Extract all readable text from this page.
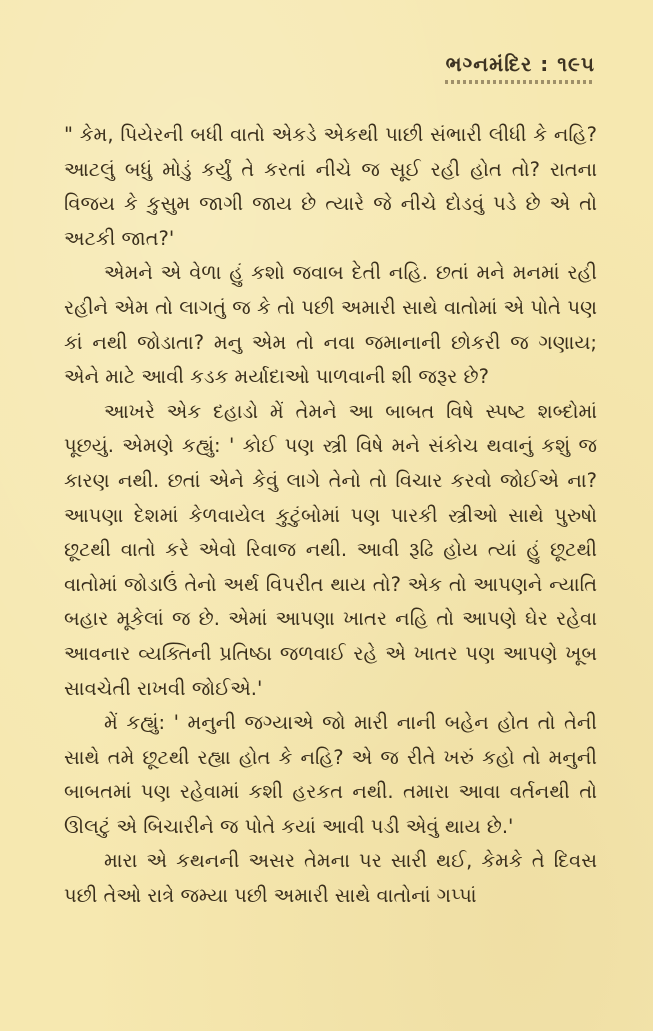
ભગ્નમંદિર : ૧૯૫

" કેમ, પિયેરની બધી વાતો એકડે એકથી પાછી સંભારી લીધી કે નહિ? આટલું બધું મોડું કર્યું તે કરતાં નીચે જ સૂઈ રહી હોત તો? રાતના વિજય કે કુસુમ જાગી જાય છે ત્યારે જે નીચે દોડવું પડે છે એ તો અટકી જાત?'

એમને એ વેળા હું કશો જવાબ દેતી નહિ. છતાં મને મનમાં રહી રહીને એમ તો લાગતું જ કે તો પછી અમારી સાથે વાતોમાં એ પોતે પણ કાં નથી જોડાતા? મનુ એમ તો નવા જમાનાની છોકરી જ ગણાય; એને માટે આવી કડક મર્યાદાઓ પાળવાની શી જરૂર છે?

આખરે એક દહાડો મેં તેમને આ બાબત વિષે સ્પષ્ટ શબ્દોમાં પૂછયું. એમણે કહ્યું: ' કોઈ પણ સ્ત્રી વિષે મને સંકોચ થવાનું કશું જ કારણ નથી. છતાં એને કેવું લાગે તેનો તો વિચાર કરવો જોઈએ ના? આપણા દેશમાં કેળવાયેલ કુટુંબોમાં પણ પારકી સ્ત્રીઓ સાથે પુરુષો છૂટથી વાતો કરે એવો રિવાજ નથી. આવી રૂઢિ હોય ત્યાં હું છૂટથી વાતોમાં જોડાઉં તેનો અર્થ વિપરીત થાય તો? એક તો આપણને ન્યાતિ બહાર મૂકેલાં જ છે. એમાં આપણા ખાતર નહિ તો આપણે ઘેર રહેવા આવનાર વ્યક્તિની પ્રતિષ્ઠા જળવાઈ રહે એ ખાતર પણ આપણે ખૂબ સાવચેતી રાખવી જોઈએ.'

મેં કહ્યું: ' મનુની જગ્યાએ જો મારી નાની બહેન હોત તો તેની સાથે તમે છૂટથી રહ્યા હોત કે નહિ? એ જ રીતે ખરું કહો તો મનુની બાબતમાં પણ રહેવામાં કશી હરકત નથી. તમારા આવા વર્તનથી તો ઊલટું એ બિચારીને જ પોતે કયાં આવી પડી એવું થાય છે.'

મારા એ કથનની અસર તેમના પર સારી થઈ, કેમકે તે દિવસ પછી તેઓ રાત્રે જમ્યા પછી અમારી સાથે વાતોનાં ગપ્પાં
